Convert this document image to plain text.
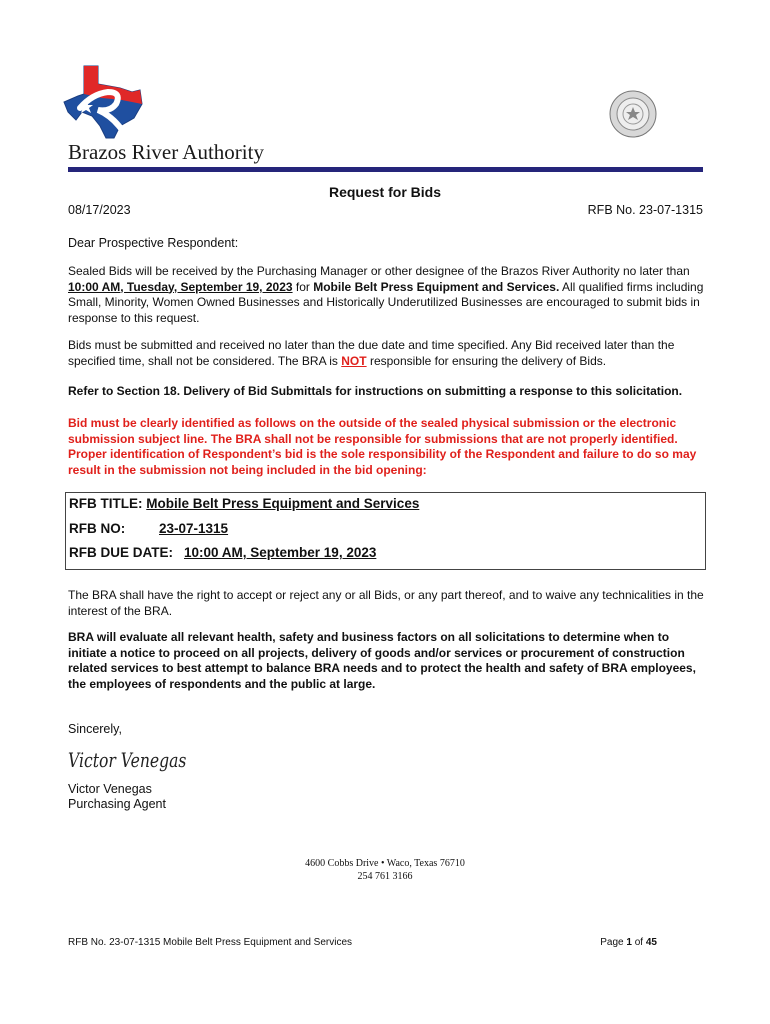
Brazos River Authority
Request for Bids
08/17/2023	RFB No. 23-07-1315
Dear Prospective Respondent:
Sealed Bids will be received by the Purchasing Manager or other designee of the Brazos River Authority no later than 10:00 AM, Tuesday, September 19, 2023 for Mobile Belt Press Equipment and Services. All qualified firms including Small, Minority, Women Owned Businesses and Historically Underutilized Businesses are encouraged to submit bids in response to this request.
Bids must be submitted and received no later than the due date and time specified. Any Bid received later than the specified time, shall not be considered. The BRA is NOT responsible for ensuring the delivery of Bids.
Refer to Section 18. Delivery of Bid Submittals for instructions on submitting a response to this solicitation.
Bid must be clearly identified as follows on the outside of the sealed physical submission or the electronic submission subject line. The BRA shall not be responsible for submissions that are not properly identified. Proper identification of Respondent’s bid is the sole responsibility of the Respondent and failure to do so may result in the submission not being included in the bid opening:
RFB TITLE: Mobile Belt Press Equipment and Services
RFB NO:	23-07-1315
RFB DUE DATE: 10:00 AM, September 19, 2023
The BRA shall have the right to accept or reject any or all Bids, or any part thereof, and to waive any technicalities in the interest of the BRA.
BRA will evaluate all relevant health, safety and business factors on all solicitations to determine when to initiate a notice to proceed on all projects, delivery of goods and/or services or procurement of construction related services to best attempt to balance BRA needs and to protect the health and safety of BRA employees, the employees of respondents and the public at large.
Sincerely,
Victor Venegas
Victor Venegas
Purchasing Agent
4600 Cobbs Drive • Waco, Texas 76710
254 761 3166
RFB No. 23-07-1315 Mobile Belt Press Equipment and Services	Page 1 of 45
